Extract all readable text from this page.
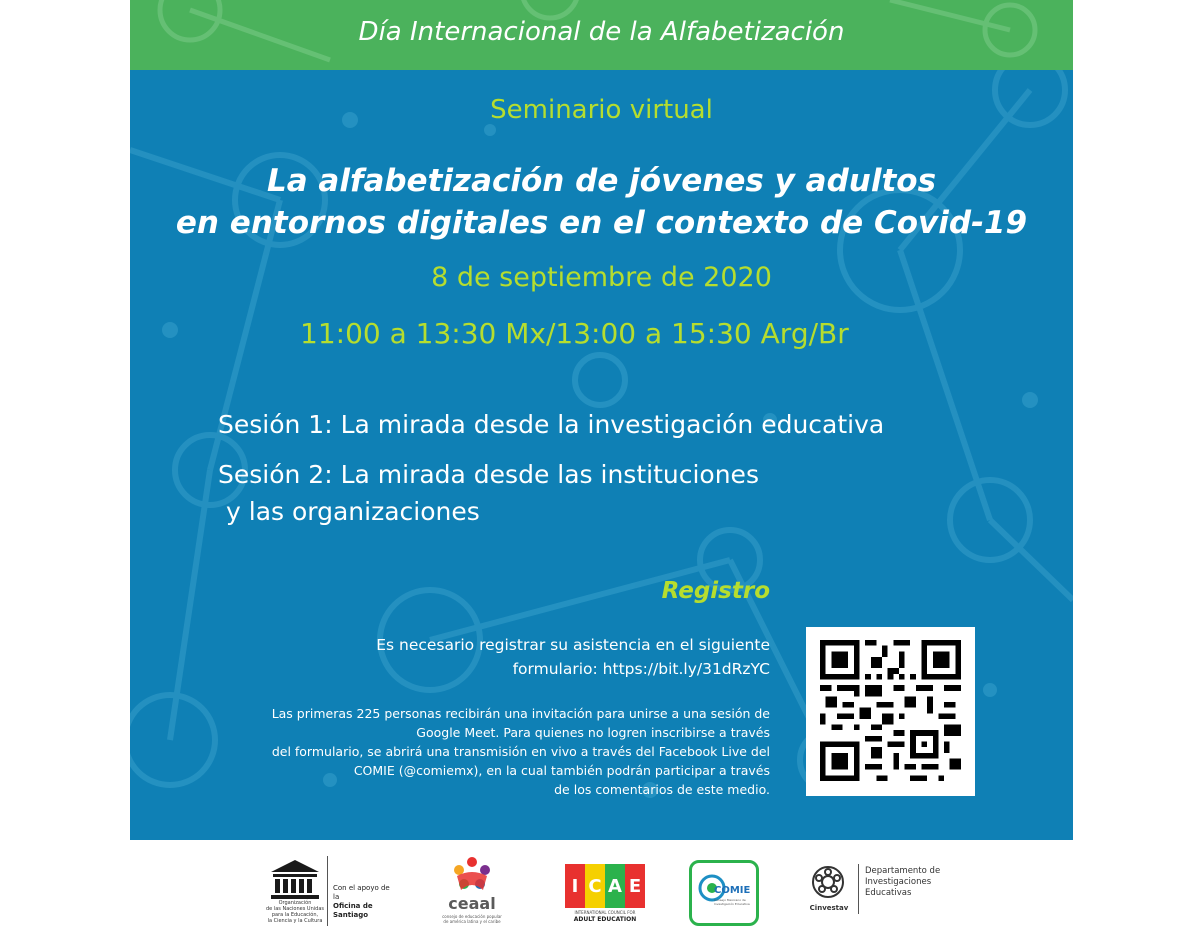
Día Internacional de la Alfabetización
Seminario virtual
La alfabetización de jóvenes y adultos
en entornos digitales en el contexto de Covid-19
8 de septiembre de 2020
11:00 a 13:30 Mx/13:00 a 15:30 Arg/Br
Sesión 1: La mirada desde la investigación educativa
Sesión 2: La mirada desde las instituciones
y las organizaciones
Registro
Es necesario registrar su asistencia en el siguiente
formulario: https://bit.ly/31dRzYC
Las primeras 225 personas recibirán una invitación para unirse a una sesión de
Google Meet. Para quienes no logren inscribirse a través
del formulario, se abrirá una transmisión en vivo a través del Facebook Live del
COMIE (@comiemx), en la cual también podrán participar a través
de los comentarios de este medio.
Organización
de las Naciones Unidas
para la Educación,
la Ciencia y la Cultura
Con el apoyo de la
Oficina de
Santiago
ceaal
consejo de educación popular
de américa latina y el caribe
I C A E
INTERNATIONAL COUNCIL FOR
ADULT EDUCATION
COMIE
Consejo Mexicano de Investigación Educativa	Cinvestav
Departamento de
Investigaciones
Educativas
